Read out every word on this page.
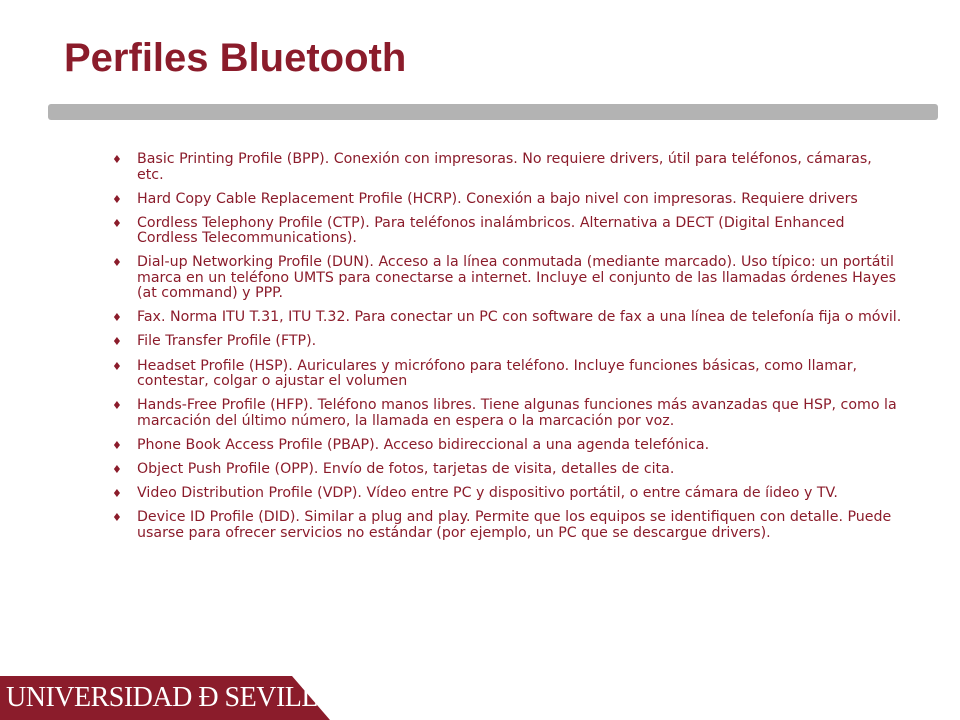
Perfiles Bluetooth
♦ Basic Printing Profile (BPP). Conexión con impresoras. No requiere drivers, útil para teléfonos, cámaras, etc.
♦ Hard Copy Cable Replacement Profile (HCRP). Conexión a bajo nivel con impresoras. Requiere drivers
♦ Cordless Telephony Profile (CTP). Para teléfonos inalámbricos. Alternativa a DECT (Digital Enhanced Cordless Telecommunications).
♦ Dial-up Networking Profile (DUN). Acceso a la línea conmutada (mediante marcado). Uso típico: un portátil marca en un teléfono UMTS para conectarse a internet. Incluye el conjunto de las llamadas órdenes Hayes (at command) y PPP.
♦ Fax. Norma ITU T.31, ITU T.32. Para conectar un PC con software de fax a una línea de telefonía fija o móvil.
♦ File Transfer Profile (FTP).
♦ Headset Profile (HSP). Auriculares y micrófono para teléfono. Incluye funciones básicas, como llamar, contestar, colgar o ajustar el volumen
♦ Hands-Free Profile (HFP). Teléfono manos libres. Tiene algunas funciones más avanzadas que HSP, como la marcación del último número, la llamada en espera o la marcación por voz.
♦ Phone Book Access Profile (PBAP). Acceso bidireccional a una agenda telefónica.
♦ Object Push Profile (OPP). Envío de fotos, tarjetas de visita, detalles de cita.
♦ Video Distribution Profile (VDP). Vídeo entre PC y dispositivo portátil, o entre cámara de íideo y TV.
♦ Device ID Profile (DID). Similar a plug and play. Permite que los equipos se identifiquen con detalle. Puede usarse para ofrecer servicios no estándar (por ejemplo, un PC que se descargue drivers).
UNIVERSIDAD Ð SEVILLA
